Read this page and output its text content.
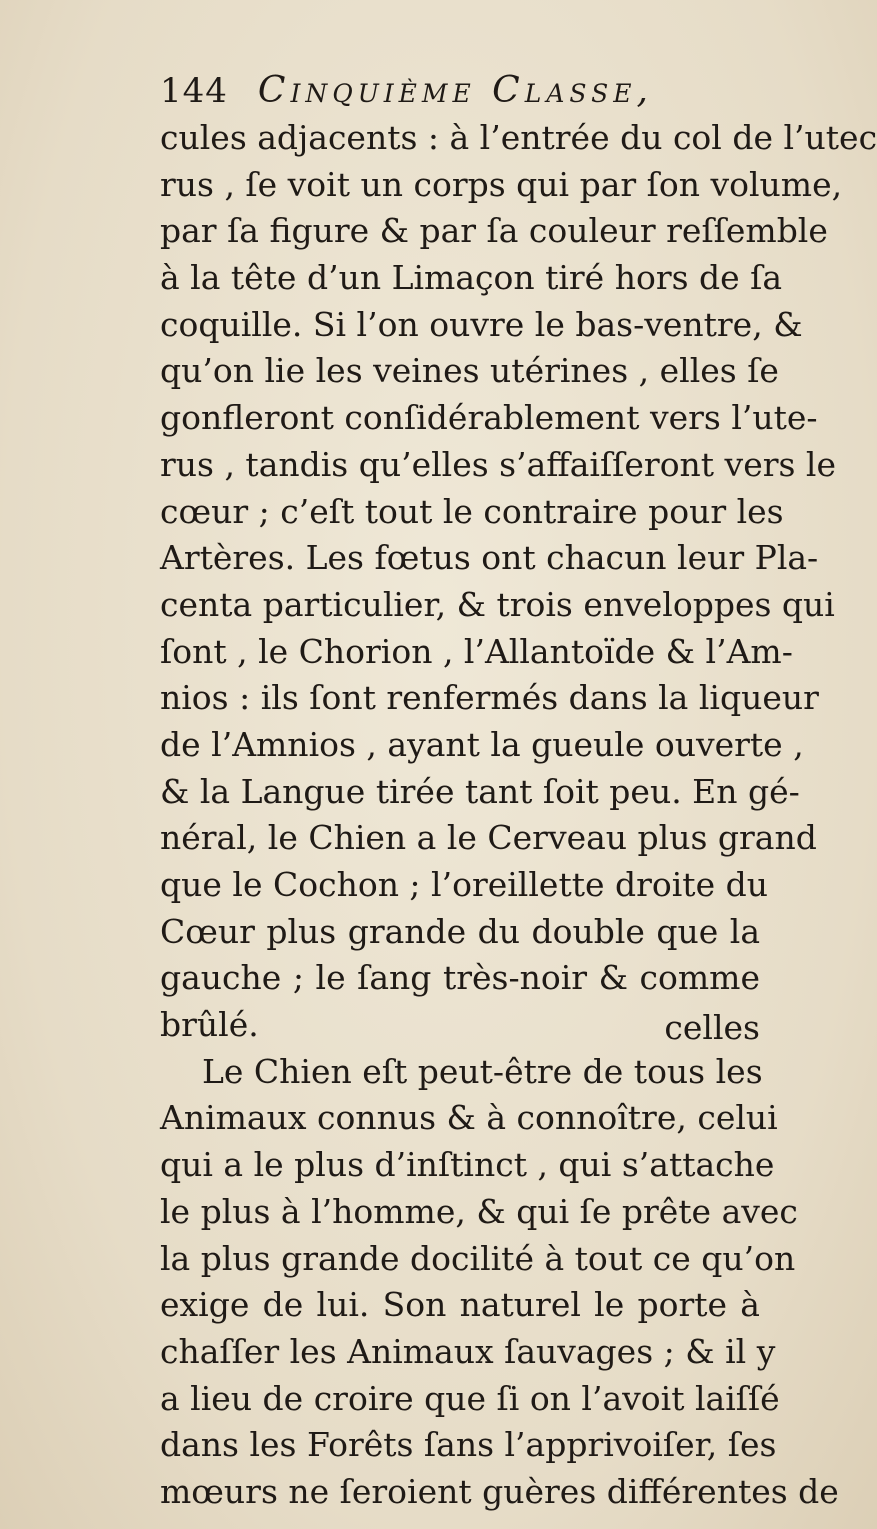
144 Cinquième Classe,
cules adjacents : à l’entrée du col de l’utec
rus , ſe voit un corps qui par ſon volume,
par ſa figure & par ſa couleur reſſemble
à la tête d’un Limaçon tiré hors de ſa
coquille. Si l’on ouvre le bas-ventre, &
qu’on lie les veines utérines , elles ſe
gonfleront conſidérablement vers l’ute-
rus , tandis qu’elles s’affaiſſeront vers le
cœur ; c’eſt tout le contraire pour les
Artères. Les fœtus ont chacun leur Pla-
centa particulier, & trois enveloppes qui
ſont , le Chorion , l’Allantoïde & l’Am-
nios : ils ſont renfermés dans la liqueur
de l’Amnios , ayant la gueule ouverte ,
& la Langue tirée tant ſoit peu. En gé-
néral, le Chien a le Cerveau plus grand
que le Cochon ; l’oreillette droite du
Cœur plus grande du double que la
gauche ; le ſang très-noir & comme
brûlé.
Le Chien eſt peut-être de tous les
Animaux connus & à connoître, celui
qui a le plus d’inſtinct , qui s’attache
le plus à l’homme, & qui ſe prête avec
la plus grande docilité à tout ce qu’on
exige de lui. Son naturel le porte à
chaſſer les Animaux ſauvages ; & il y
a lieu de croire que ſi on l’avoit laiſſé
dans les Forêts ſans l’apprivoiſer, ſes
mœurs ne ſeroient guères différentes de
celles
